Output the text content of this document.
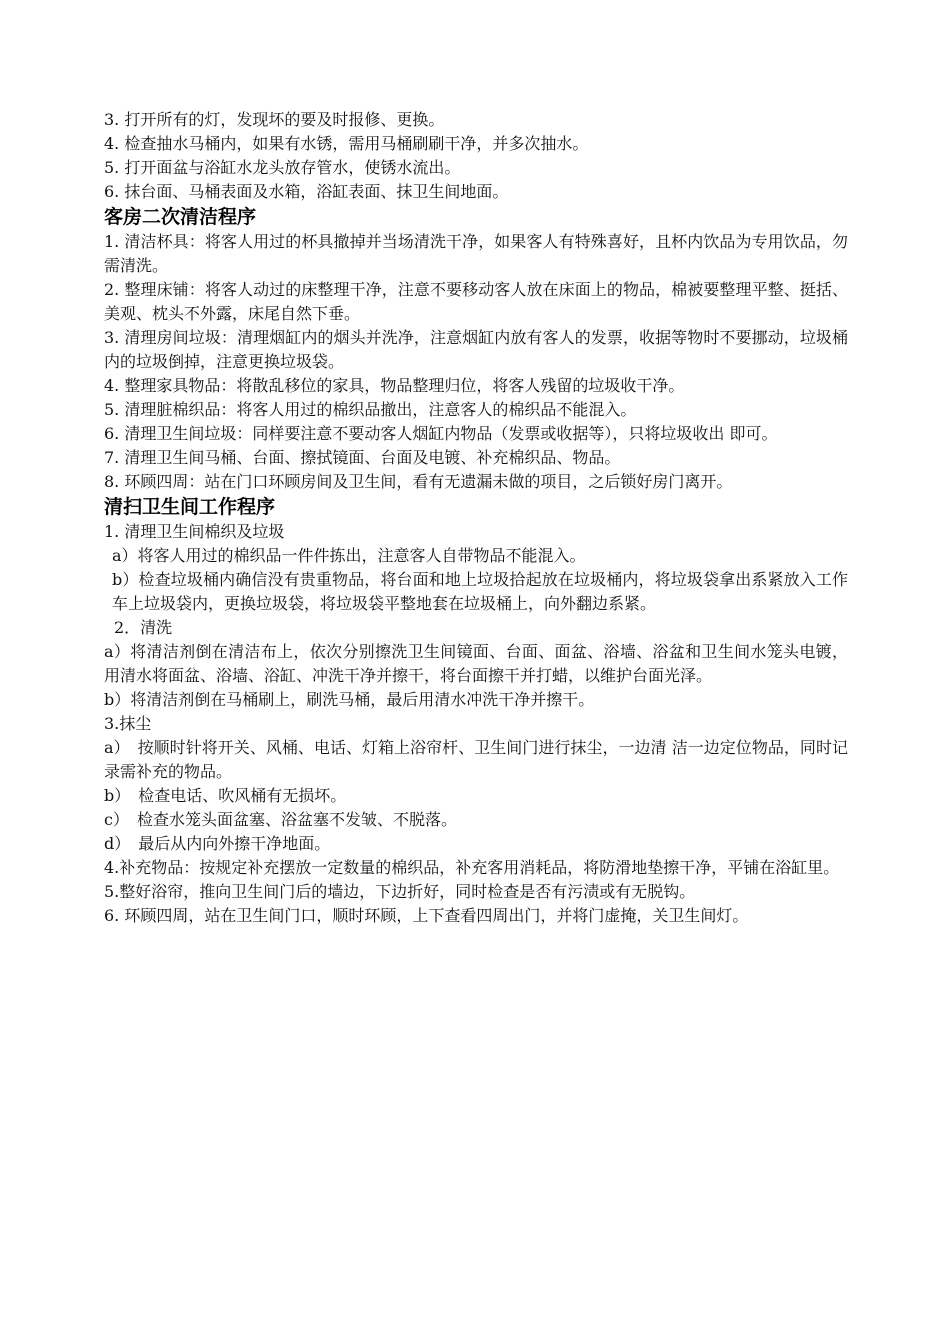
3. 打开所有的灯，发现坏的要及时报修、更换。

4. 检查抽水马桶内，如果有水锈，需用马桶刷刷干净，并多次抽水。

5. 打开面盆与浴缸水龙头放存管水，使锈水流出。

6. 抹台面、马桶表面及水箱，浴缸表面、抹卫生间地面。

客房二次清洁程序

1. 清洁杯具：将客人用过的杯具撤掉并当场清洗干净，如果客人有特殊喜好，且杯内饮品为专用饮品，勿需清洗。

2. 整理床铺：将客人动过的床整理干净，注意不要移动客人放在床面上的物品，棉被要整理平整、挺括、美观、枕头不外露，床尾自然下垂。

3. 清理房间垃圾：清理烟缸内的烟头并洗净，注意烟缸内放有客人的发票，收据等物时不要挪动，垃圾桶内的垃圾倒掉，注意更换垃圾袋。

4. 整理家具物品：将散乱移位的家具，物品整理归位，将客人残留的垃圾收干净。

5. 清理脏棉织品：将客人用过的棉织品撤出，注意客人的棉织品不能混入。

6. 清理卫生间垃圾：同样要注意不要动客人烟缸内物品（发票或收据等），只将垃圾收出 即可。

7. 清理卫生间马桶、台面、擦拭镜面、台面及电镀、补充棉织品、物品。

8. 环顾四周：站在门口环顾房间及卫生间，看有无遗漏未做的项目，之后锁好房门离开。

清扫卫生间工作程序

1. 清理卫生间棉织及垃圾

a）将客人用过的棉织品一件件拣出，注意客人自带物品不能混入。

b）检查垃圾桶内确信没有贵重物品，将台面和地上垃圾拾起放在垃圾桶内，将垃圾袋拿出系紧放入工作车上垃圾袋内，更换垃圾袋，将垃圾袋平整地套在垃圾桶上，向外翻边系紧。

2．清洗

a）将清洁剂倒在清洁布上，依次分别擦洗卫生间镜面、台面、面盆、浴墙、浴盆和卫生间水笼头电镀，用清水将面盆、浴墙、浴缸、冲洗干净并擦干，将台面擦干并打蜡，以维护台面光泽。

b）将清洁剂倒在马桶刷上，刷洗马桶，最后用清水冲洗干净并擦干。

3.抹尘

a）　按顺时针将开关、风桶、电话、灯箱上浴帘杆、卫生间门进行抹尘，一边清 洁一边定位物品，同时记录需补充的物品。

b）　检查电话、吹风桶有无损坏。

c）　检查水笼头面盆塞、浴盆塞不发皱、不脱落。

d）　最后从内向外擦干净地面。

4.补充物品：按规定补充摆放一定数量的棉织品，补充客用消耗品，将防滑地垫擦干净，平铺在浴缸里。

5.整好浴帘，推向卫生间门后的墙边，下边折好，同时检查是否有污渍或有无脱钩。

6. 环顾四周，站在卫生间门口，顺时环顾，上下查看四周出门，并将门虚掩，关卫生间灯。
